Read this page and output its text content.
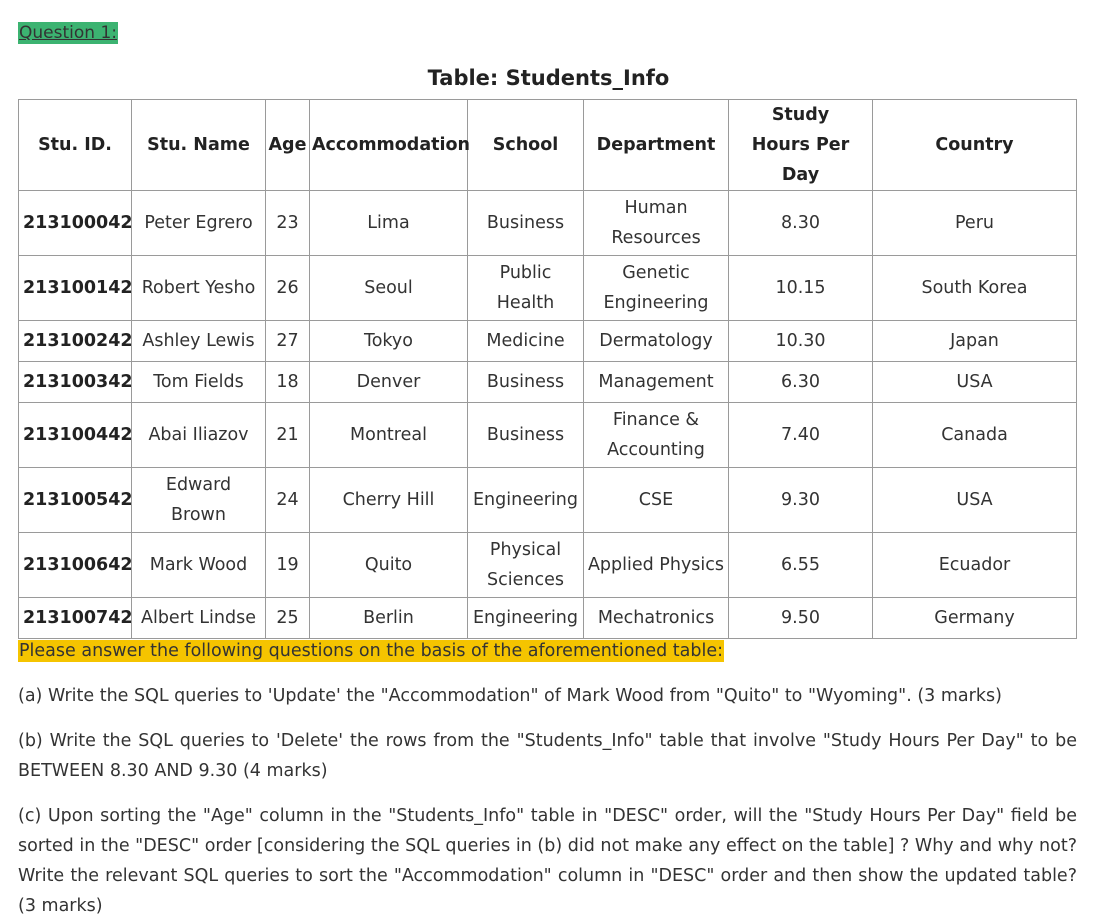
Question 1:
Table: Students_Info
Stu. ID.	Stu. Name	Age	Accommodation	School	Department	Study Hours Per Day	Country
213100042	Peter Egrero	23	Lima	Business	Human Resources	8.30	Peru
213100142	Robert Yesho	26	Seoul	Public Health	Genetic Engineering	10.15	South Korea
213100242	Ashley Lewis	27	Tokyo	Medicine	Dermatology	10.30	Japan
213100342	Tom Fields	18	Denver	Business	Management	6.30	USA
213100442	Abai Iliazov	21	Montreal	Business	Finance & Accounting	7.40	Canada
213100542	Edward Brown	24	Cherry Hill	Engineering	CSE	9.30	USA
213100642	Mark Wood	19	Quito	Physical Sciences	Applied Physics	6.55	Ecuador
213100742	Albert Lindse	25	Berlin	Engineering	Mechatronics	9.50	Germany
Please answer the following questions on the basis of the aforementioned table:
(a) Write the SQL queries to 'Update' the "Accommodation" of Mark Wood from "Quito" to "Wyoming". (3 marks)
(b) Write the SQL queries to 'Delete' the rows from the "Students_Info" table that involve "Study Hours Per Day" to be BETWEEN 8.30 AND 9.30 (4 marks)
(c) Upon sorting the "Age" column in the "Students_Info" table in "DESC" order, will the "Study Hours Per Day" field be sorted in the "DESC" order [considering the SQL queries in (b) did not make any effect on the table] ? Why and why not? Write the relevant SQL queries to sort the "Accommodation" column in "DESC" order and then show the updated table? (3 marks)
